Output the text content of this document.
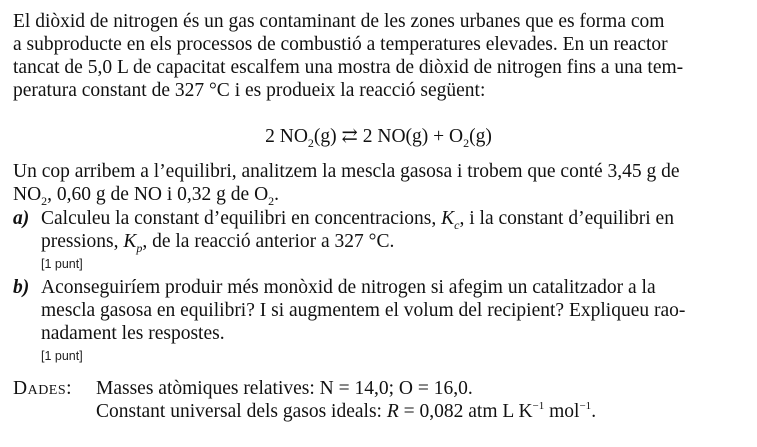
El diòxid de nitrogen és un gas contaminant de les zones urbanes que es forma com
a subproducte en els processos de combustió a temperatures elevades. En un reactor
tancat de 5,0 L de capacitat escalfem una mostra de diòxid de nitrogen fins a una tem-
peratura constant de 327 °C i es produeix la reacció següent:
2 $NO_2(g)$ ⇄ 2 $NO(g) + O_2(g)$
Un cop arribem a l’equilibri, analitzem la mescla gasosa i trobem que conté 3,45 g de
$NO_2$, 0,60 g de NO i 0,32 g de $O_2$.
a) Calculeu la constant d’equilibri en concentracions, $K_c$, i la constant d’equilibri en
pressions, $K_p$, de la reacció anterior a 327 °C.
[1 punt]
b) Aconseguiríem produir més monòxid de nitrogen si afegim un catalitzador a la
mescla gasosa en equilibri? I si augmentem el volum del recipient? Expliqueu rao-
nadament les respostes.
[1 punt]
Dades: Masses atòmiques relatives: N = 14,0; O = 16,0.
Constant universal dels gasos ideals: R = 0,082 atm L $K^{-1}$ mol$^{-1}$.
